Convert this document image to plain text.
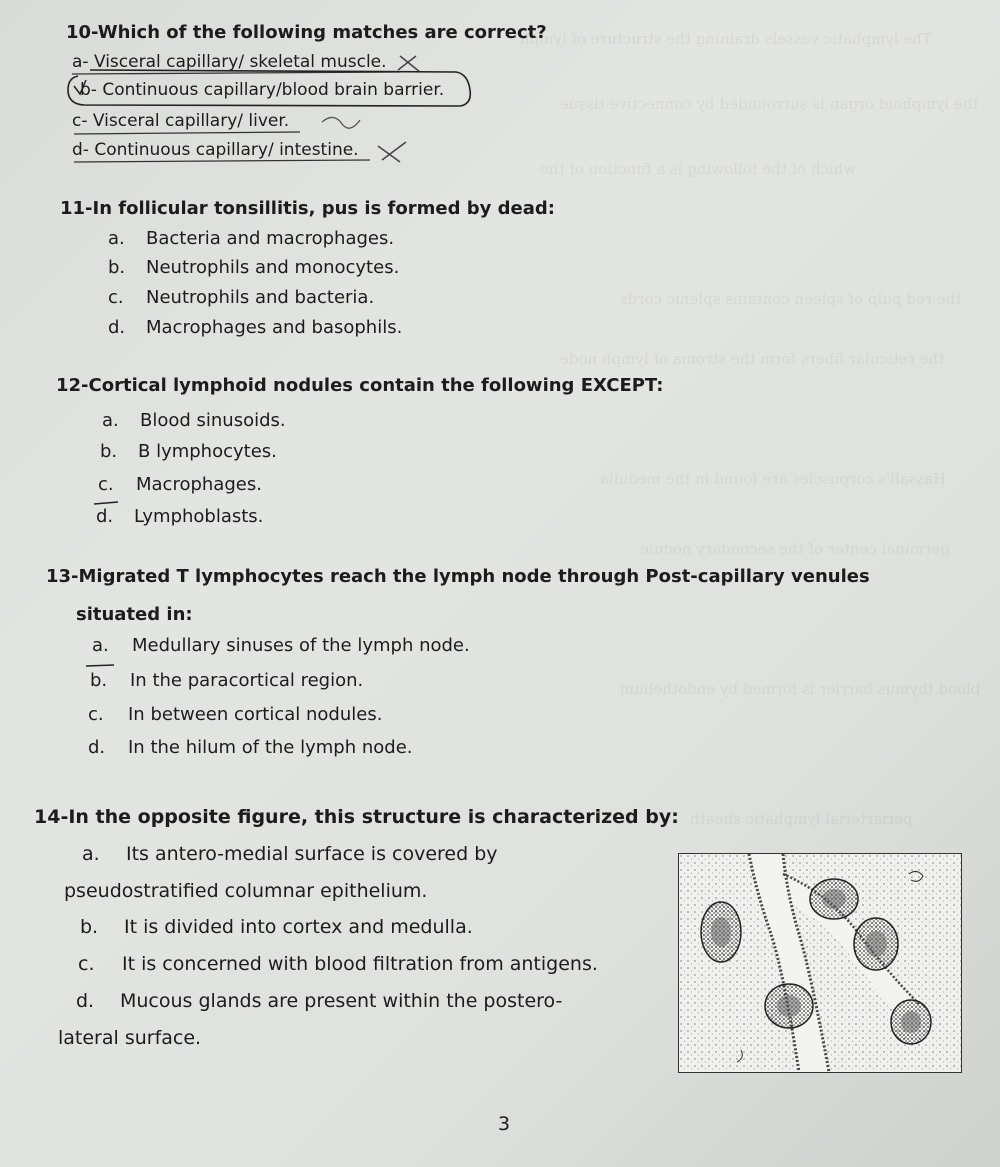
The lymphatic vessels draining the structure of lymph
the lymphoid organ is surrounded by connective tissue
which of the following is a function of the
the red pulp of spleen contains splenic cords
the reticular fibers form the stroma of lymph node
Hassall's corpuscles are found in the medulla
germinal center of the secondary nodule
blood thymus barrier is formed by endothelium
periarterial lymphatic sheath
10-Which of the following matches are correct?
a- Visceral capillary/ skeletal muscle.
b- Continuous capillary/blood brain barrier.
c- Visceral capillary/ liver.
d- Continuous capillary/ intestine.
11-In follicular tonsillitis, pus is formed by dead:
a. Bacteria and macrophages.
b. Neutrophils and monocytes.
c. Neutrophils and bacteria.
d. Macrophages and basophils.
12-Cortical lymphoid nodules contain the following EXCEPT:
a. Blood sinusoids.
b. B lymphocytes.
c. Macrophages.
d. Lymphoblasts.
13-Migrated T lymphocytes reach the lymph node through Post-capillary venules
situated in:
a. Medullary sinuses of the lymph node.
b. In the paracortical region.
c. In between cortical nodules.
d. In the hilum of the lymph node.
14-In the opposite figure, this structure is characterized by:
a. Its antero-medial surface is covered by
pseudostratified columnar epithelium.
b. It is divided into cortex and medulla.
c. It is concerned with blood filtration from antigens.
d. Mucous glands are present within the postero-
lateral surface.
3
